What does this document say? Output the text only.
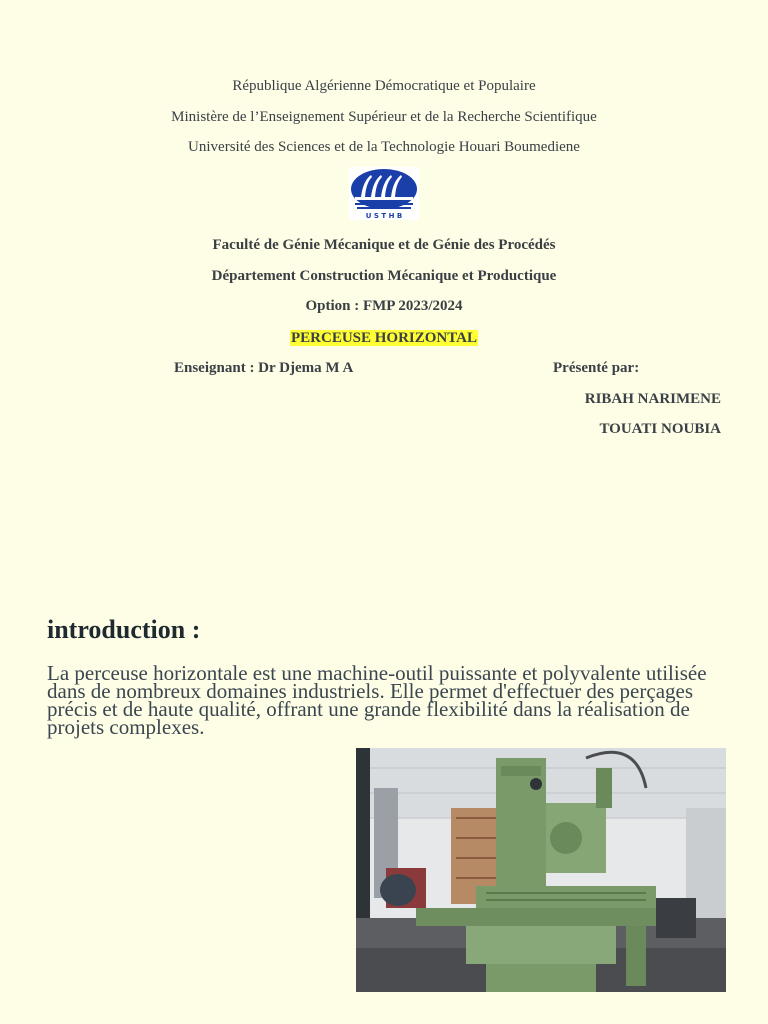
République Algérienne Démocratique et Populaire
Ministère de l’Enseignement Supérieur et de la Recherche Scientifique
Université des Sciences et de la Technologie Houari Boumediene
U S T H B
Faculté de Génie Mécanique et de Génie des Procédés
Département Construction Mécanique et Productique
Option : FMP 2023/2024
PERCEUSE HORIZONTAL
Enseignant : Dr Djema M A	Présenté par:
RIBAH NARIMENE
TOUATI NOUBIA
introduction :

La perceuse horizontale est une machine-outil puissante et polyvalente utilisée dans de nombreux domaines industriels. Elle permet d'effectuer des perçages précis et de haute qualité, offrant une grande flexibilité dans la réalisation de projets complexes.
